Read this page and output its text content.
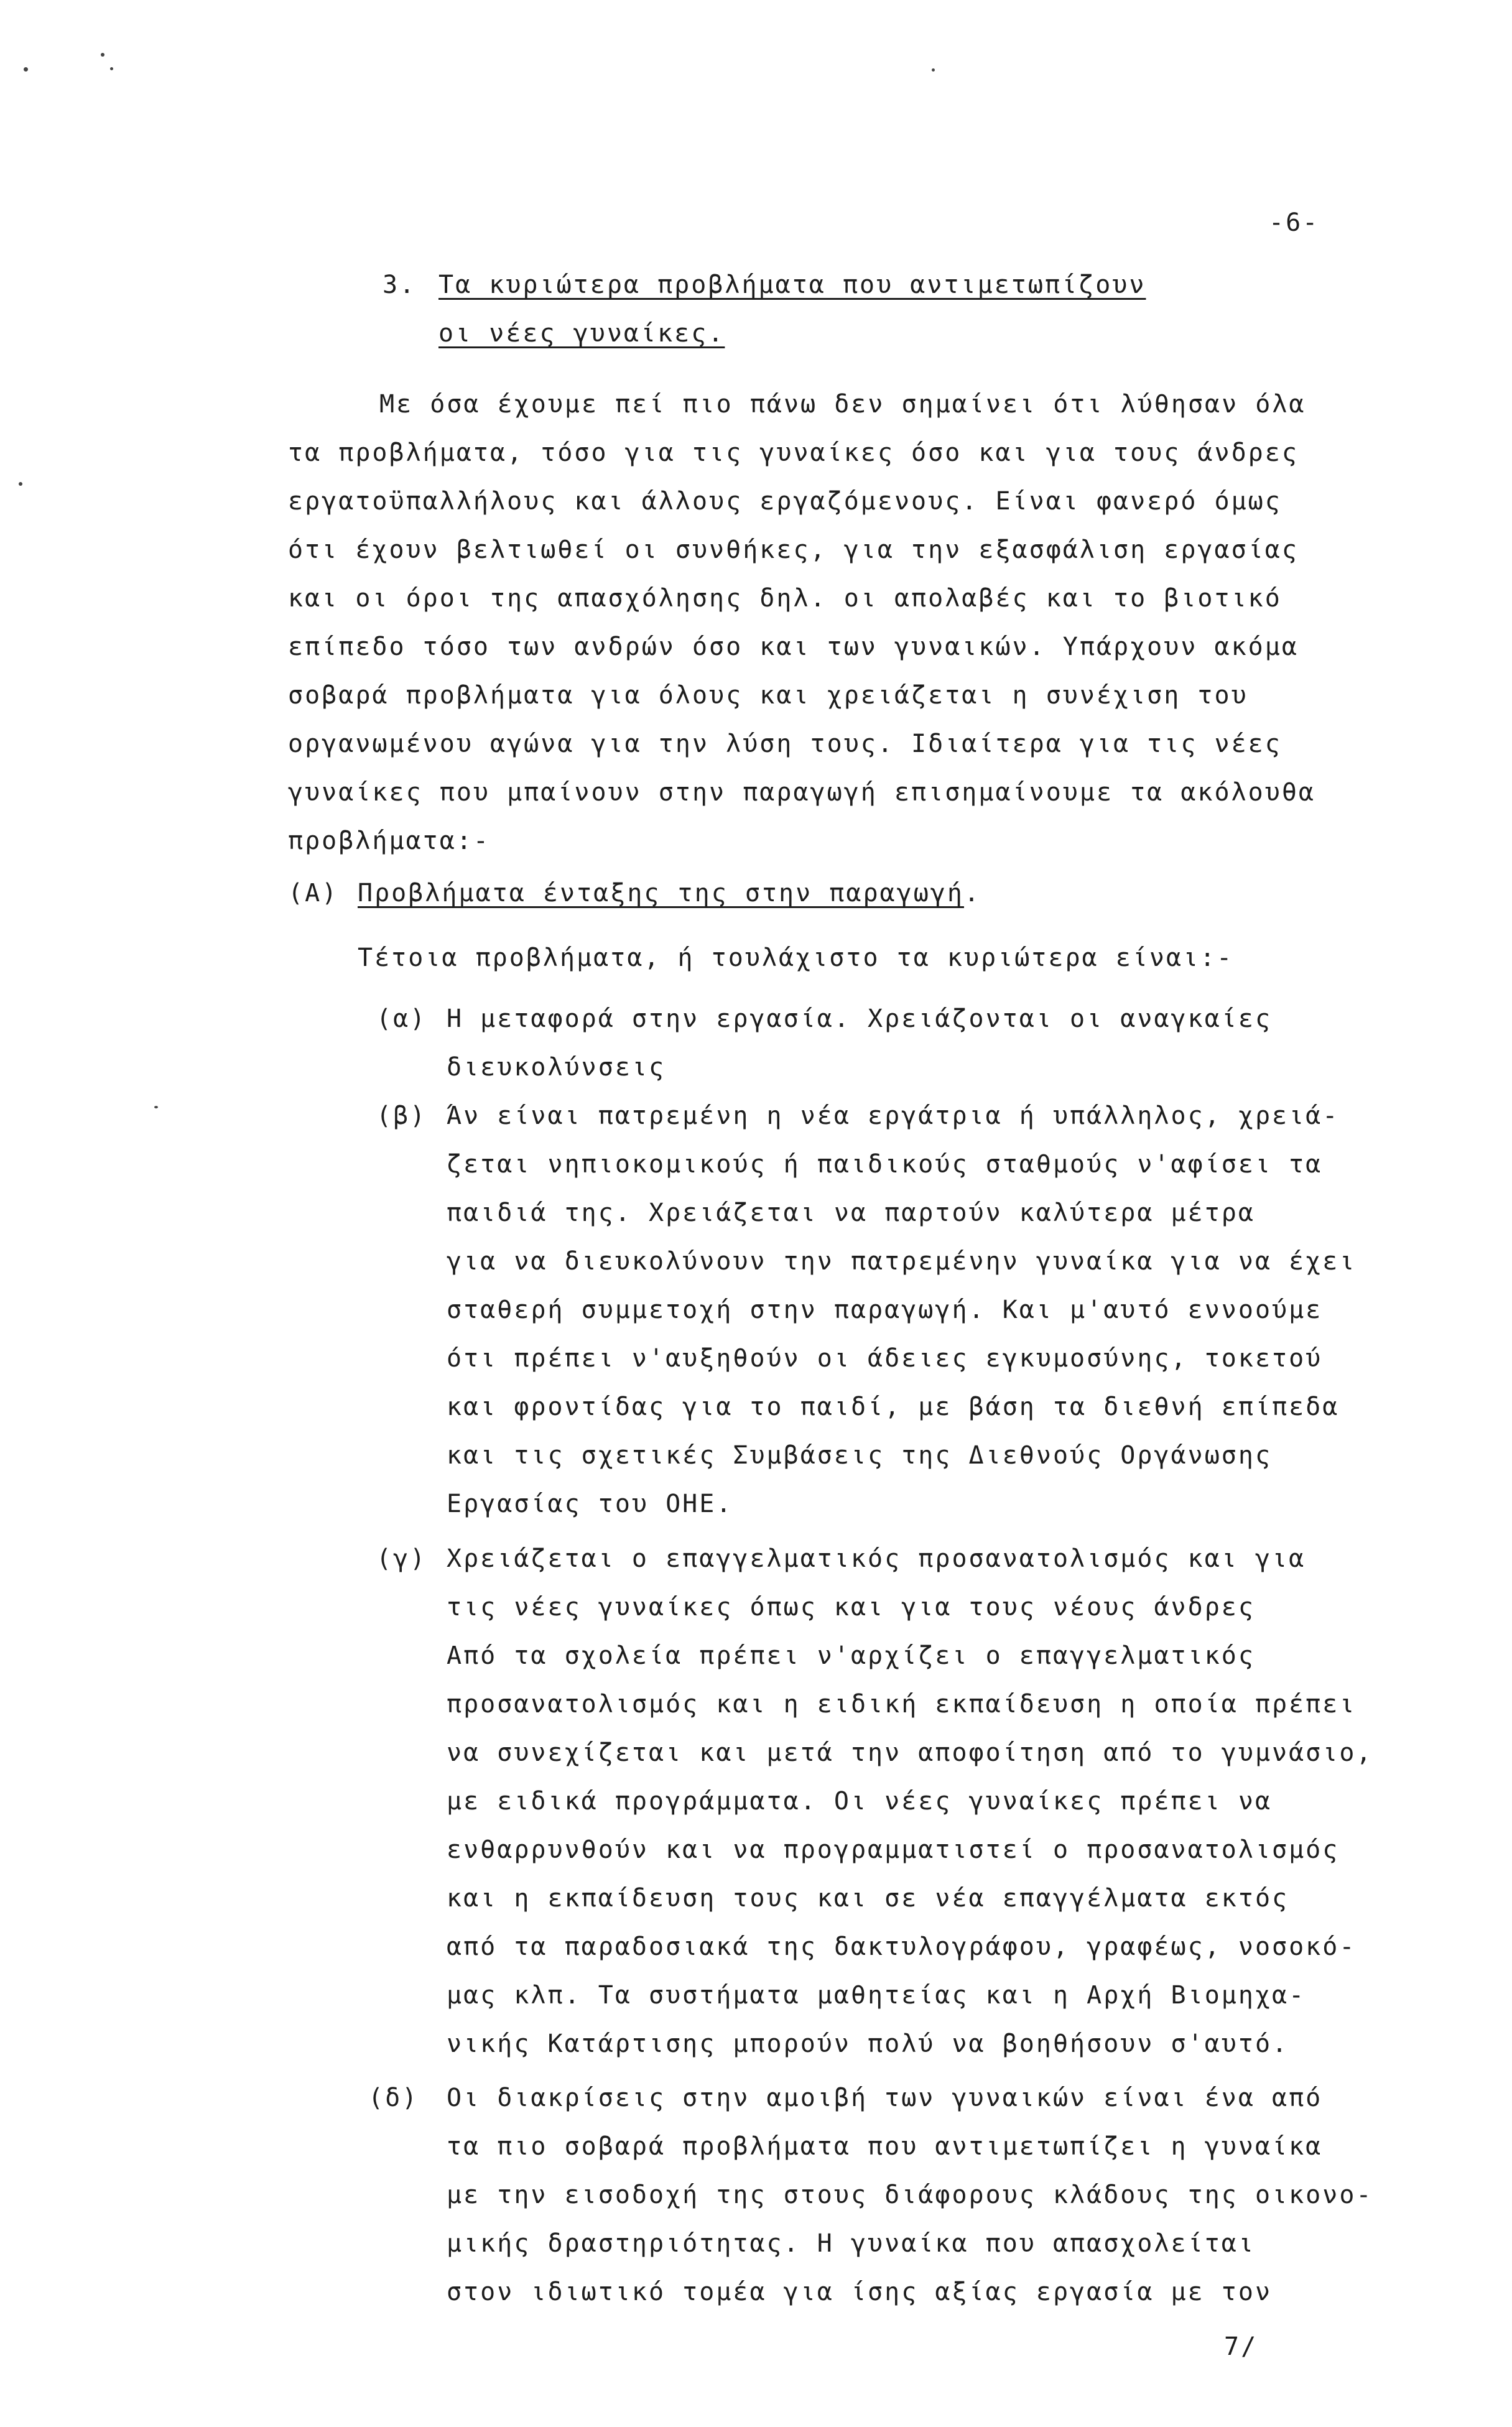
-6-
3. Τα κυριώτερα προβλήματα που αντιμετωπίζουν
οι νέες γυναίκες.
Με όσα έχουμε πεί πιο πάνω δεν σημαίνει ότι λύθησαν όλα
τα προβλήματα, τόσο για τις γυναίκες όσο και για τους άνδρες
εργατοϋπαλλήλους και άλλους εργαζόμενους. Είναι φανερό όμως
ότι έχουν βελτιωθεί οι συνθήκες, για την εξασφάλιση εργασίας
και οι όροι της απασχόλησης δηλ. οι απολαβές και το βιοτικό
επίπεδο τόσο των ανδρών όσο και των γυναικών. Υπάρχουν ακόμα
σοβαρά προβλήματα για όλους και χρειάζεται η συνέχιση του
οργανωμένου αγώνα για την λύση τους. Ιδιαίτερα για τις νέες
γυναίκες που μπαίνουν στην παραγωγή επισημαίνουμε τα ακόλουθα
προβλήματα:-
(Α) Προβλήματα ένταξης της στην παραγωγή.
Τέτοια προβλήματα, ή τουλάχιστο τα κυριώτερα είναι:-
(α) Η μεταφορά στην εργασία. Χρειάζονται οι αναγκαίες
διευκολύνσεις
(β) Άν είναι πατρεμένη η νέα εργάτρια ή υπάλληλος, χρειά-
ζεται νηπιοκομικούς ή παιδικούς σταθμούς ν'αφίσει τα
παιδιά της. Χρειάζεται να παρτούν καλύτερα μέτρα
για να διευκολύνουν την πατρεμένην γυναίκα για να έχει
σταθερή συμμετοχή στην παραγωγή. Και μ'αυτό εννοούμε
ότι πρέπει ν'αυξηθούν οι άδειες εγκυμοσύνης, τοκετού
και φροντίδας για το παιδί, με βάση τα διεθνή επίπεδα
και τις σχετικές Συμβάσεις της Διεθνούς Οργάνωσης
Εργασίας του ΟΗΕ.
(γ) Χρειάζεται ο επαγγελματικός προσανατολισμός και για
τις νέες γυναίκες όπως και για τους νέους άνδρες
Από τα σχολεία πρέπει ν'αρχίζει ο επαγγελματικός
προσανατολισμός και η ειδική εκπαίδευση η οποία πρέπει
να συνεχίζεται και μετά την αποφοίτηση από το γυμνάσιο,
με ειδικά προγράμματα. Οι νέες γυναίκες πρέπει να
ενθαρρυνθούν και να προγραμματιστεί ο προσανατολισμός
και η εκπαίδευση τους και σε νέα επαγγέλματα εκτός
από τα παραδοσιακά της δακτυλογράφου, γραφέως, νοσοκό-
μας κλπ. Τα συστήματα μαθητείας και η Αρχή Βιομηχα-
νικής Κατάρτισης μπορούν πολύ να βοηθήσουν σ'αυτό.
(δ) Οι διακρίσεις στην αμοιβή των γυναικών είναι ένα από
τα πιο σοβαρά προβλήματα που αντιμετωπίζει η γυναίκα
με την εισοδοχή της στους διάφορους κλάδους της οικονο-
μικής δραστηριότητας. Η γυναίκα που απασχολείται
στον ιδιωτικό τομέα για ίσης αξίας εργασία με τον
7/
